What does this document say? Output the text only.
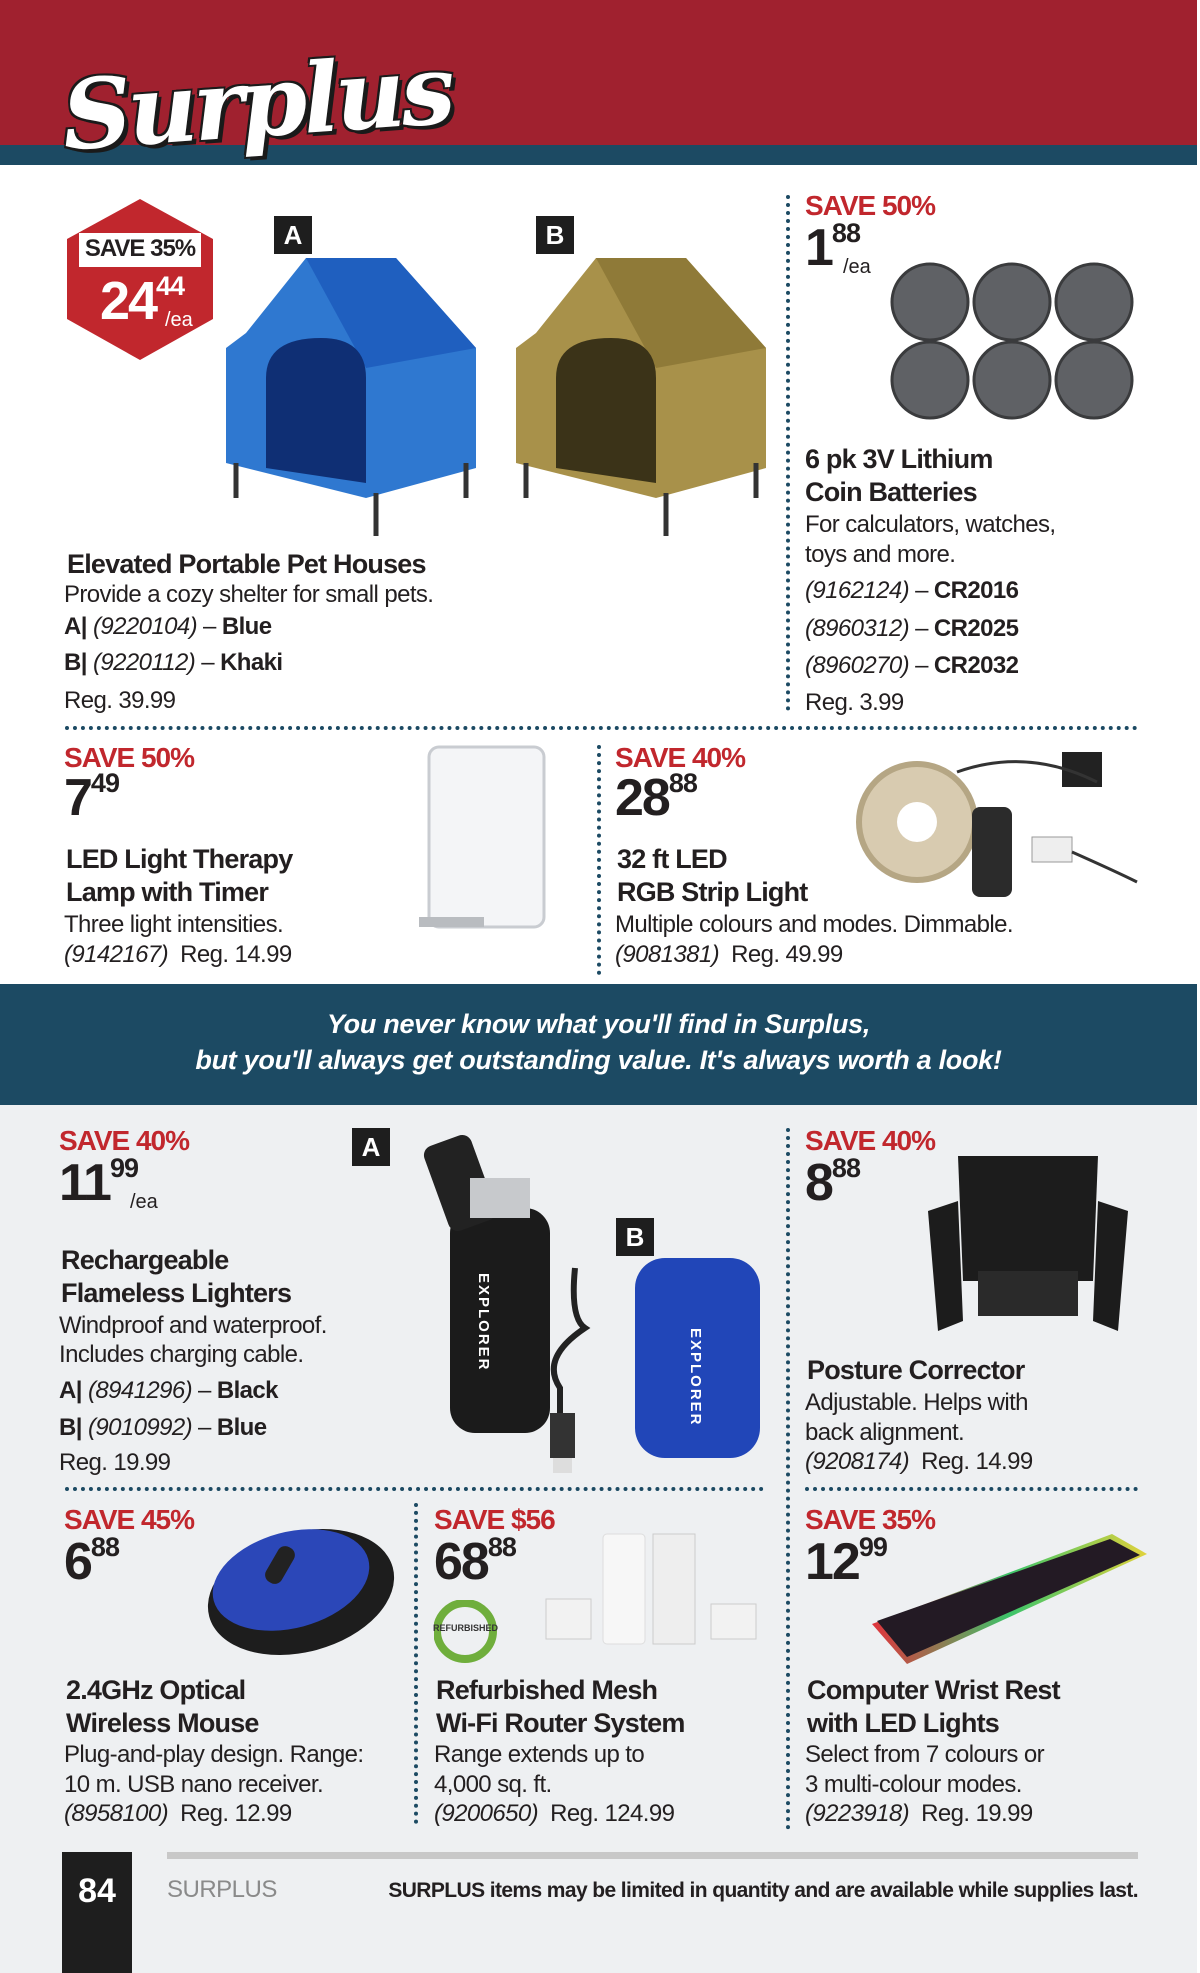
Surplus
SAVE 35%
$24^{44}$
/ea
A	B
Elevated Portable Pet Houses
Provide a cozy shelter for small pets.
A| (9220104) – Blue
B| (9220112) – Khaki
Reg. 39.99
SAVE 50%
$1^{88}$
/ea
6 pk 3V Lithium
Coin Batteries
For calculators, watches,
toys and more.
(9162124) – CR2016
(8960312) – CR2025
(8960270) – CR2032
Reg. 3.99
SAVE 50%
$7^{49}$
LED Light Therapy
Lamp with Timer
Three light intensities.
(9142167) Reg. 14.99
SAVE 40%
$28^{88}$
32 ft LED
RGB Strip Light
Multiple colours and modes. Dimmable.
(9081381) Reg. 49.99
You never know what you'll find in Surplus,
but you'll always get outstanding value. It's always worth a look!
SAVE 40%
$11^{99}$
/ea
A
B
EXPLORER
EXPLORER
Rechargeable
Flameless Lighters
Windproof and waterproof.
Includes charging cable.
A| (8941296) – Black
B| (9010992) – Blue
Reg. 19.99
SAVE 40%
$8^{88}$
Posture Corrector
Adjustable. Helps with
back alignment.
(9208174) Reg. 14.99
SAVE 45%
$6^{88}$
2.4GHz Optical
Wireless Mouse
Plug-and-play design. Range:
10 m. USB nano receiver.
(8958100) Reg. 12.99
SAVE $56
$68^{88}$
REFURBISHED
Refurbished Mesh
Wi-Fi Router System
Range extends up to
4,000 sq. ft.
(9200650) Reg. 124.99
SAVE 35%
$12^{99}$
Computer Wrist Rest
with LED Lights
Select from 7 colours or
3 multi-colour modes.
(9223918) Reg. 19.99
84	SURPLUS	SURPLUS items may be limited in quantity and are available while supplies last.
